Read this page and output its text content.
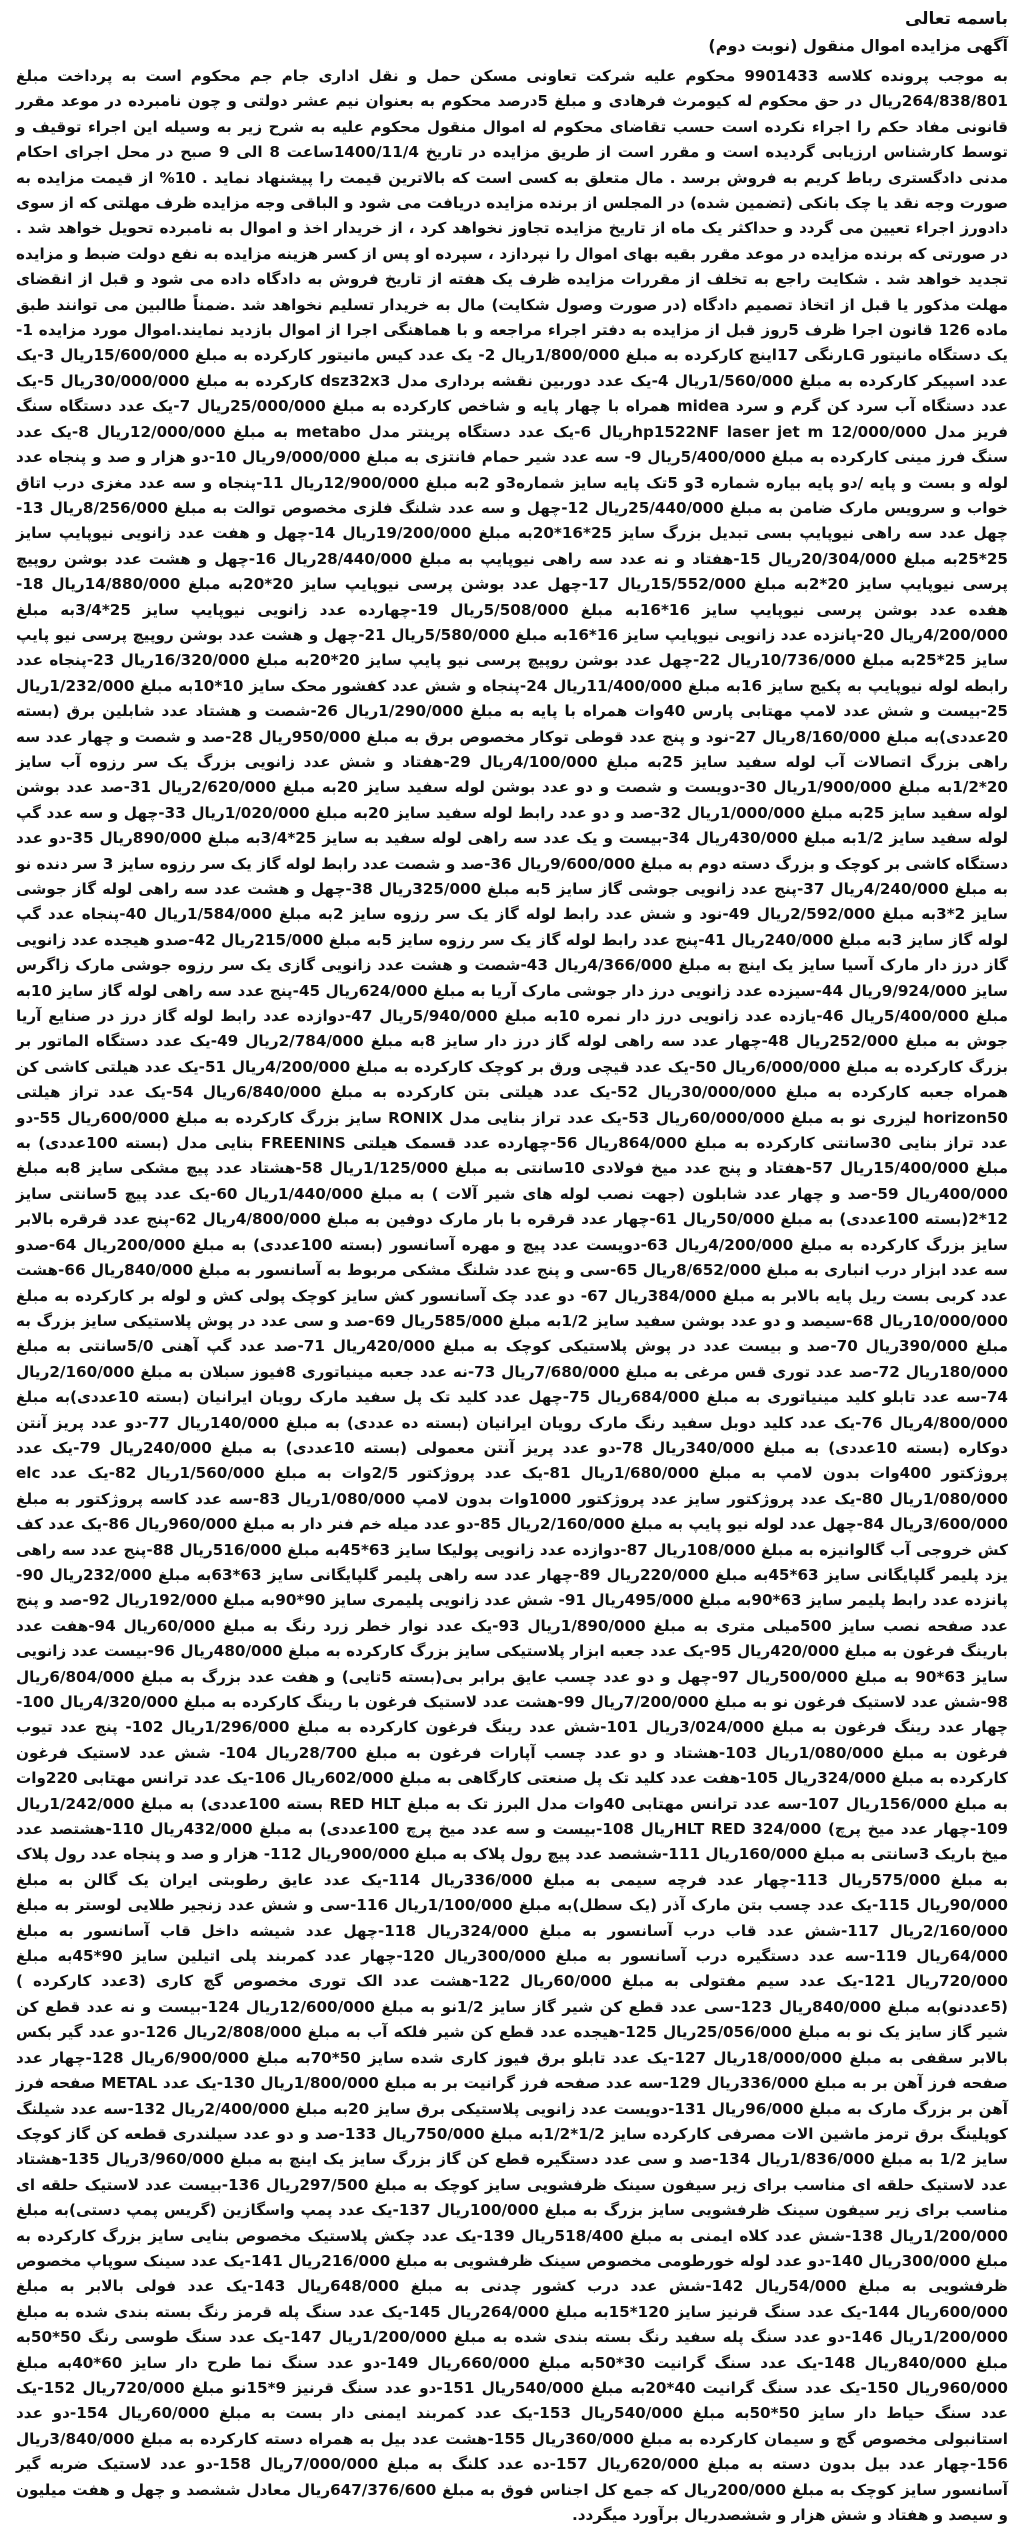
باسمه تعالی
آگهی مزایده اموال منقول (نوبت دوم)
به موجب پرونده کلاسه 9901433 محکوم علیه شرکت تعاونی مسکن حمل و نقل اداری جام جم محکوم است به پرداخت مبلغ 264/838/801ریال در حق محکوم له کیومرث فرهادی و مبلغ 5درصد محکوم به بعنوان نیم عشر دولتی و چون نامبرده در موعد مقرر قانونی مفاد حکم را اجراء نکرده است حسب تقاضای محکوم له اموال منقول محکوم علیه به شرح زیر به وسیله این اجراء توقیف و توسط کارشناس ارزیابی گردیده است و مقرر است از طریق مزایده در تاریخ 1400/11/4ساعت 8 الی 9 صبح در محل اجرای احکام مدنی دادگستری رباط کریم به فروش برسد . مال متعلق به کسی است که بالاترین قیمت را پیشنهاد نماید . 10% از قیمت مزایده به صورت وجه نقد یا چک بانکی (تضمین شده) در المجلس از برنده مزایده دریافت می شود و الباقی وجه مزایده ظرف مهلتی که از سوی دادورز اجراء تعیین می گردد و حداکثر یک ماه از تاریخ مزایده تجاوز نخواهد کرد ، از خریدار اخذ و اموال به نامبرده تحویل خواهد شد . در صورتی که برنده مزایده در موعد مقرر بقیه بهای اموال را نپردازد ، سپرده او پس از کسر هزینه مزایده به نفع دولت ضبط و مزایده تجدید خواهد شد . شکایت راجع به تخلف از مقررات مزایده ظرف یک هفته از تاریخ فروش به دادگاه داده می شود و قبل از انقضای مهلت مذکور یا قبل از اتخاذ تصمیم دادگاه (در صورت وصول شکایت) مال به خریدار تسلیم نخواهد شد .ضمناً طالبین می توانند طبق ماده 126 قانون اجرا ظرف 5روز قبل از مزایده به دفتر اجراء مراجعه و با هماهنگی اجرا از اموال بازدید نمایند.اموال مورد مزایده 1-یک دستگاه مانیتور LGرنگی 17اینچ کارکرده به مبلغ 1/800/000ریال 2- یک عدد کیس مانیتور کارکرده به مبلغ 15/600/000ریال 3-یک عدد اسپیکر کارکرده به مبلغ 1/560/000ریال 4-یک عدد دوربین نقشه برداری مدل dsz32x3 کارکرده به مبلغ 30/000/000ریال 5-یک عدد دستگاه آب سرد کن گرم و سرد midea همراه با چهار پایه و شاخص کارکرده به مبلغ 25/000/000ریال 7-یک عدد دستگاه سنگ فریز مدل hp1522NF laser jet m 12/000/000ریال 6-یک عدد دستگاه پرینتر مدل metabo به مبلغ 12/000/000ریال 8-یک عدد سنگ فرز مینی کارکرده به مبلغ 5/400/000ریال 9- سه عدد شیر حمام فانتزی به مبلغ 9/000/000ریال 10-دو هزار و صد و پنجاه عدد لوله و بست و پایه /دو پایه بیاره شماره 3و 5تک پایه سایز شماره3و 2به مبلغ 12/900/000ریال 11-پنجاه و سه عدد مغزی درب اتاق خواب و سرویس مارک ضامن به مبلغ 25/440/000ریال 12-چهل و سه عدد شلنگ فلزی مخصوص توالت به مبلغ 8/256/000ریال 13-چهل عدد سه راهی نیوپایپ بسی تبدیل بزرگ سایز 25*16*20به مبلغ 19/200/000ریال 14-چهل و هفت عدد زانویی نیوپایپ سایز 25*25به مبلغ 20/304/000ریال 15-هفتاد و نه عدد سه راهی نیوپایپ به مبلغ 28/440/000ریال 16-چهل و هشت عدد بوشن روپیچ پرسی نیوپایپ سایز 20*2به مبلغ 15/552/000ریال 17-چهل عدد بوشن پرسی نیوپایپ سایز 20*20به مبلغ 14/880/000ریال 18-هفده عدد بوشن پرسی نیوپایپ سایز 16*16به مبلغ 5/508/000ریال 19-چهارده عدد زانویی نیوپایپ سایز 25*3/4به مبلغ 4/200/000ریال 20-پانزده عدد زانویی نیوپایپ سایز 16*16به مبلغ 5/580/000ریال 21-چهل و هشت عدد بوشن روپیچ پرسی نیو پایپ سایز 25*25به مبلغ 10/736/000ریال 22-چهل عدد بوشن روپیچ پرسی نیو پایپ سایز 20*20به مبلغ 16/320/000ریال 23-پنجاه عدد رابطه لوله نیوپایپ به پکیج سایز 16به مبلغ 11/400/000ریال 24-پنجاه و شش عدد کفشور محک سایز 10*10به مبلغ 1/232/000ریال 25-بیست و شش عدد لامپ مهتابی پارس 40وات همراه با پایه به مبلغ 1/290/000ریال 26-شصت و هشتاد عدد شابلین برق (بسته 20عددی)به مبلغ 8/160/000ریال 27-نود و پنج عدد قوطی توکار مخصوص برق به مبلغ 950/000ریال 28-صد و شصت و چهار عدد سه راهی بزرگ اتصالات آب لوله سفید سایز 25به مبلغ 4/100/000ریال 29-هفتاد و شش عدد زانویی بزرگ یک سر رزوه آب سایز 20*1/2به مبلغ 1/900/000ریال 30-دویست و شصت و دو عدد بوشن لوله سفید سایز 20به مبلغ 2/620/000ریال 31-صد عدد بوشن لوله سفید سایز 25به مبلغ 1/000/000ریال 32-صد و دو عدد رابط لوله سفید سایز 20به مبلغ 1/020/000ریال 33-چهل و سه عدد گپ لوله سفید سایز 1/2به مبلغ 430/000ریال 34-بیست و یک عدد سه راهی لوله سفید به سایز 25*3/4به مبلغ 890/000ریال 35-دو عدد دستگاه کاشی بر کوچک و بزرگ دسته دوم به مبلغ 9/600/000ریال 36-صد و شصت عدد رابط لوله گاز یک سر رزوه سایز 3 سر دنده نو به مبلغ 4/240/000ریال 37-پنج عدد زانویی جوشی گاز سایز 5به مبلغ 325/000ریال 38-چهل و هشت عدد سه راهی لوله گاز جوشی سایز 2*3به مبلغ 2/592/000ریال 49-نود و شش عدد رابط لوله گاز یک سر رزوه سایز 2به مبلغ 1/584/000ریال 40-پنجاه عدد گپ لوله گاز سایز 3به مبلغ 240/000ریال 41-پنج عدد رابط لوله گاز یک سر رزوه سایز 5به مبلغ 215/000ریال 42-صدو هیجده عدد زانویی گاز درز دار مارک آسیا سایز یک اینچ به مبلغ 4/366/000ریال 43-شصت و هشت عدد زانویی گازی یک سر رزوه جوشی مارک زاگرس سایز 9/924/000ریال 44-سیزده عدد زانویی درز دار جوشی مارک آریا به مبلغ 624/000ریال 45-پنج عدد سه راهی لوله گاز سایز 10به مبلغ 5/400/000ریال 46-یازده عدد زانویی درز دار نمره 10به مبلغ 5/940/000ریال 47-دوازده عدد رابط لوله گاز درز در صنایع آریا جوش به مبلغ 252/000ریال 48-چهار عدد سه راهی لوله گاز درز دار سایز 8به مبلغ 2/784/000ریال 49-یک عدد دستگاه الماتور بر بزرگ کارکرده به مبلغ 6/000/000ریال 50-یک عدد قیچی ورق بر کوچک کارکرده به مبلغ 4/200/000ریال 51-یک عدد هیلتی کاشی کن همراه جعبه کارکرده به مبلغ 30/000/000ریال 52-یک عدد هیلتی بتن کارکرده به مبلغ 6/840/000ریال 54-یک عدد تراز هیلتی horizon50 لیزری نو به مبلغ 60/000/000ریال 53-یک عدد تراز بنایی مدل RONIX سایز بزرگ کارکرده به مبلغ 600/000ریال 55-دو عدد تراز بنایی 30سانتی کارکرده به مبلغ 864/000ریال 56-چهارده عدد قسمک هیلتی FREENINS بنایی مدل (بسته 100عددی) به مبلغ 15/400/000ریال 57-هفتاد و پنج عدد میخ فولادی 10سانتی به مبلغ 1/125/000ریال 58-هشتاد عدد پیچ مشکی سایز 8به مبلغ 400/000ریال 59-صد و چهار عدد شابلون (جهت نصب لوله های شیر آلات ) به مبلغ 1/440/000ریال 60-یک عدد پیچ 5سانتی سایز 12*2(بسته 100عددی) به مبلغ 50/000ریال 61-چهار عدد قرقره با بار مارک دوفین به مبلغ 4/800/000ریال 62-پنج عدد قرقره بالابر سایز بزرگ کارکرده به مبلغ 4/200/000ریال 63-دویست عدد پیچ و مهره آسانسور (بسته 100عددی) به مبلغ 200/000ریال 64-صدو سه عدد ابزار درب انباری به مبلغ 8/652/000ریال 65-سی و پنج عدد شلنگ مشکی مربوط به آسانسور به مبلغ 840/000ریال 66-هشت عدد کربی بست ریل پایه بالابر به مبلغ 384/000ریال 67- دو عدد چک آسانسور کش سایز کوچک پولی کش و لوله بر کارکرده به مبلغ 10/000/000ریال 68-سیصد و دو عدد بوشن سفید سایز 1/2به مبلغ 585/000ریال 69-صد و سی عدد در پوش پلاستیکی سایز بزرگ به مبلغ 390/000ریال 70-صد و بیست عدد در پوش پلاستیکی کوچک به مبلغ 420/000ریال 71-صد عدد گپ آهنی 5/0سانتی به مبلغ 180/000ریال 72-صد عدد توری قس مرغی به مبلغ 7/680/000ریال 73-نه عدد جعبه مینیاتوری 8فیوز سبلان به مبلغ 2/160/000ریال 74-سه عدد تابلو کلید مینیاتوری به مبلغ 684/000ریال 75-چهل عدد کلید تک پل سفید مارک رویان ایرانیان (بسته 10عددی)به مبلغ 4/800/000ریال 76-یک عدد کلید دوبل سفید رنگ مارک رویان ایرانیان (بسته ده عددی) به مبلغ 140/000ریال 77-دو عدد پریز آنتن دوکاره (بسته 10عددی) به مبلغ 340/000ریال 78-دو عدد پریز آنتن معمولی (بسته 10عددی) به مبلغ 240/000ریال 79-یک عدد پروژکتور 400وات بدون لامپ به مبلغ 1/680/000ریال 81-یک عدد پروژکتور 2/5وات به مبلغ 1/560/000ریال 82-یک عدد elc 1/080/000ریال 80-یک عدد پروژکتور سایز عدد پروژکتور 1000وات بدون لامپ 1/080/000ریال 83-سه عدد کاسه پروژکتور به مبلغ 3/600/000ریال 84-چهل عدد لوله نیو پایپ به مبلغ 2/160/000ریال 85-دو عدد میله خم فنر دار به مبلغ 960/000ریال 86-یک عدد کف کش خروجی آب گالوانیزه به مبلغ 108/000ریال 87-دوازده عدد زانویی پولیکا سایز 63*45به مبلغ 516/000ریال 88-پنج عدد سه راهی یزد پلیمر گلپایگانی سایز 63*45به مبلغ 220/000ریال 89-چهار عدد سه راهی پلیمر گلپایگانی سایز 63*63به مبلغ 232/000ریال 90-پانزده عدد رابط پلیمر سایز 63*90به مبلغ 495/000ریال 91- شش عدد زانویی پلیمری سایز 90*90به مبلغ 192/000ریال 92-صد و پنج عدد صفحه نصب سایز 500میلی متری به مبلغ 1/890/000ریال 93-یک عدد نوار خطر زرد رنگ به مبلغ 60/000ریال 94-هفت عدد بارینگ فرغون به مبلغ 420/000ریال 95-یک عدد جعبه ابزار پلاستیکی سایز بزرگ کارکرده به مبلغ 480/000ریال 96-بیست عدد زانویی سایز 63*90 به مبلغ 500/000ریال 97-چهل و دو عدد چسب عایق برابر بی(بسته 5تایی) و هفت عدد بزرگ به مبلغ 6/804/000ریال 98-شش عدد لاستیک فرغون نو به مبلغ 7/200/000ریال 99-هشت عدد لاستیک فرغون با رینگ کارکرده به مبلغ 4/320/000ریال 100-چهار عدد رینگ فرغون به مبلغ 3/024/000ریال 101-شش عدد رینگ فرغون کارکرده به مبلغ 1/296/000ریال 102- پنج عدد تیوب فرغون به مبلغ 1/080/000ریال 103-هشتاد و دو عدد چسب آپارات فرغون به مبلغ 28/700ریال 104- شش عدد لاستیک فرغون کارکرده به مبلغ 324/000ریال 105-هفت عدد کلید تک پل صنعتی کارگاهی به مبلغ 602/000ریال 106-یک عدد ترانس مهتابی 220وات به مبلغ 156/000ریال 107-سه عدد ترانس مهتابی 40وات مدل البرز تک به مبلغ RED HLT بسته 100عددی) به مبلغ 1/242/000ریال 109-چهار عدد میخ پرچ) HLT RED 324/000ریال 108-بیست و سه عدد میخ پرچ 100عددی) به مبلغ 432/000ریال 110-هشتصد عدد میخ باریک 3سانتی به مبلغ 160/000ریال 111-ششصد عدد پیچ رول پلاک به مبلغ 900/000ریال 112- هزار و صد و پنجاه عدد رول پلاک به مبلغ 575/000ریال 113-چهار عدد فرچه سیمی به مبلغ 336/000ریال 114-یک عدد عایق رطوبتی ایران یک گالن به مبلغ 90/000ریال 115-یک عدد چسب بتن مارک آذر (یک سطل)به مبلغ 1/100/000ریال 116-سی و شش عدد زنجیر طلایی لوستر به مبلغ 2/160/000ریال 117-شش عدد قاب درب آسانسور به مبلغ 324/000ریال 118-چهل عدد شیشه داخل قاب آسانسور به مبلغ 64/000ریال 119-سه عدد دستگیره درب آسانسور به مبلغ 300/000ریال 120-چهار عدد کمربند پلی اتیلین سایز 90*45به مبلغ 720/000ریال 121-یک عدد سیم مفتولی به مبلغ 60/000ریال 122-هشت عدد الک توری مخصوص گچ کاری (3عدد کارکرده ) (5عددنو)به مبلغ 840/000ریال 123-سی عدد قطع کن شیر گاز سایز 1/2نو به مبلغ 12/600/000ریال 124-بیست و نه عدد قطع کن شیر گاز سایز یک نو به مبلغ 25/056/000ریال 125-هیجده عدد قطع کن شیر فلکه آب به مبلغ 2/808/000ریال 126-دو عدد گیر بکس بالابر سقفی به مبلغ 18/000/000ریال 127-یک عدد تابلو برق فیوز کاری شده سایز 50*70به مبلغ 6/900/000ریال 128-چهار عدد صفحه فرز آهن بر به مبلغ 336/000ریال 129-سه عدد صفحه فرز گرانیت بر به مبلغ 1/800/000ریال 130-یک عدد METAL صفحه فرز آهن بر بزرگ مارک به مبلغ 96/000ریال 131-دویست عدد زانویی پلاستیکی برق سایز 20به مبلغ 2/400/000ریال 132-سه عدد شیلنگ کوپلینگ برق ترمز ماشین الات مصرفی کارکرده سایز 1/2*1/2به مبلغ 750/000ریال 133-صد و دو عدد سیلندری قطعه کن گاز کوچک سایز 1/2 به مبلغ 1/836/000ریال 134-صد و سی عدد دستگیره قطع کن گاز بزرگ سایز یک اینچ به مبلغ 3/960/000ریال 135-هشتاد عدد لاستیک حلقه ای مناسب برای زیر سیفون سینک ظرفشویی سایز کوچک به مبلغ 297/500ریال 136-بیست عدد لاستیک حلقه ای مناسب برای زیر سیفون سینک ظرفشویی سایز بزرگ به مبلغ 100/000ریال 137-یک عدد پمپ واسگازین (گریس پمپ دستی)به مبلغ 1/200/000ریال 138-شش عدد کلاه ایمنی به مبلغ 518/400ریال 139-یک عدد چکش پلاستیک مخصوص بنایی سایز بزرگ کارکرده به مبلغ 300/000ریال 140-دو عدد لوله خورطومی مخصوص سینک ظرفشویی به مبلغ 216/000ریال 141-یک عدد سینک سوپاپ مخصوص ظرفشویی به مبلغ 54/000ریال 142-شش عدد درب کشور چدنی به مبلغ 648/000ریال 143-یک عدد فولی بالابر به مبلغ 600/000ریال 144-یک عدد سنگ قرنیز سایز 120*15به مبلغ 264/000ریال 145-یک عدد سنگ پله قرمز رنگ بسته بندی شده به مبلغ 1/200/000ریال 146-دو عدد سنگ پله سفید رنگ بسته بندی شده به مبلغ 1/200/000ریال 147-یک عدد سنگ طوسی رنگ 50*50به مبلغ 840/000ریال 148-یک عدد سنگ گرانیت 30*50به مبلغ 660/000ریال 149-دو عدد سنگ نما طرح دار سایز 60*40به مبلغ 960/000ریال 150-یک عدد سنگ گرانیت 40*20به مبلغ 540/000ریال 151-دو عدد سنگ قرنیز 9*15نو مبلغ 720/000ریال 152-یک عدد سنگ حیاط دار سایز 50*50به مبلغ 540/000ریال 153-یک عدد کمربند ایمنی دار بست به مبلغ 60/000ریال 154-دو عدد استانبولی مخصوص گچ و سیمان کارکرده به مبلغ 360/000ریال 155-هشت عدد بیل به همراه دسته کارکرده به مبلغ 3/840/000ریال 156-چهار عدد بیل بدون دسته به مبلغ 620/000ریال 157-ده عدد کلنگ به مبلغ 7/000/000ریال 158-دو عدد لاستیک ضربه گیر آسانسور سایز کوچک به مبلغ 200/000ریال که جمع کل اجناس فوق به مبلغ 647/376/600ریال معادل ششصد و چهل و هفت میلیون و سیصد و هفتاد و شش هزار و ششصدریال برآورد میگردد.
